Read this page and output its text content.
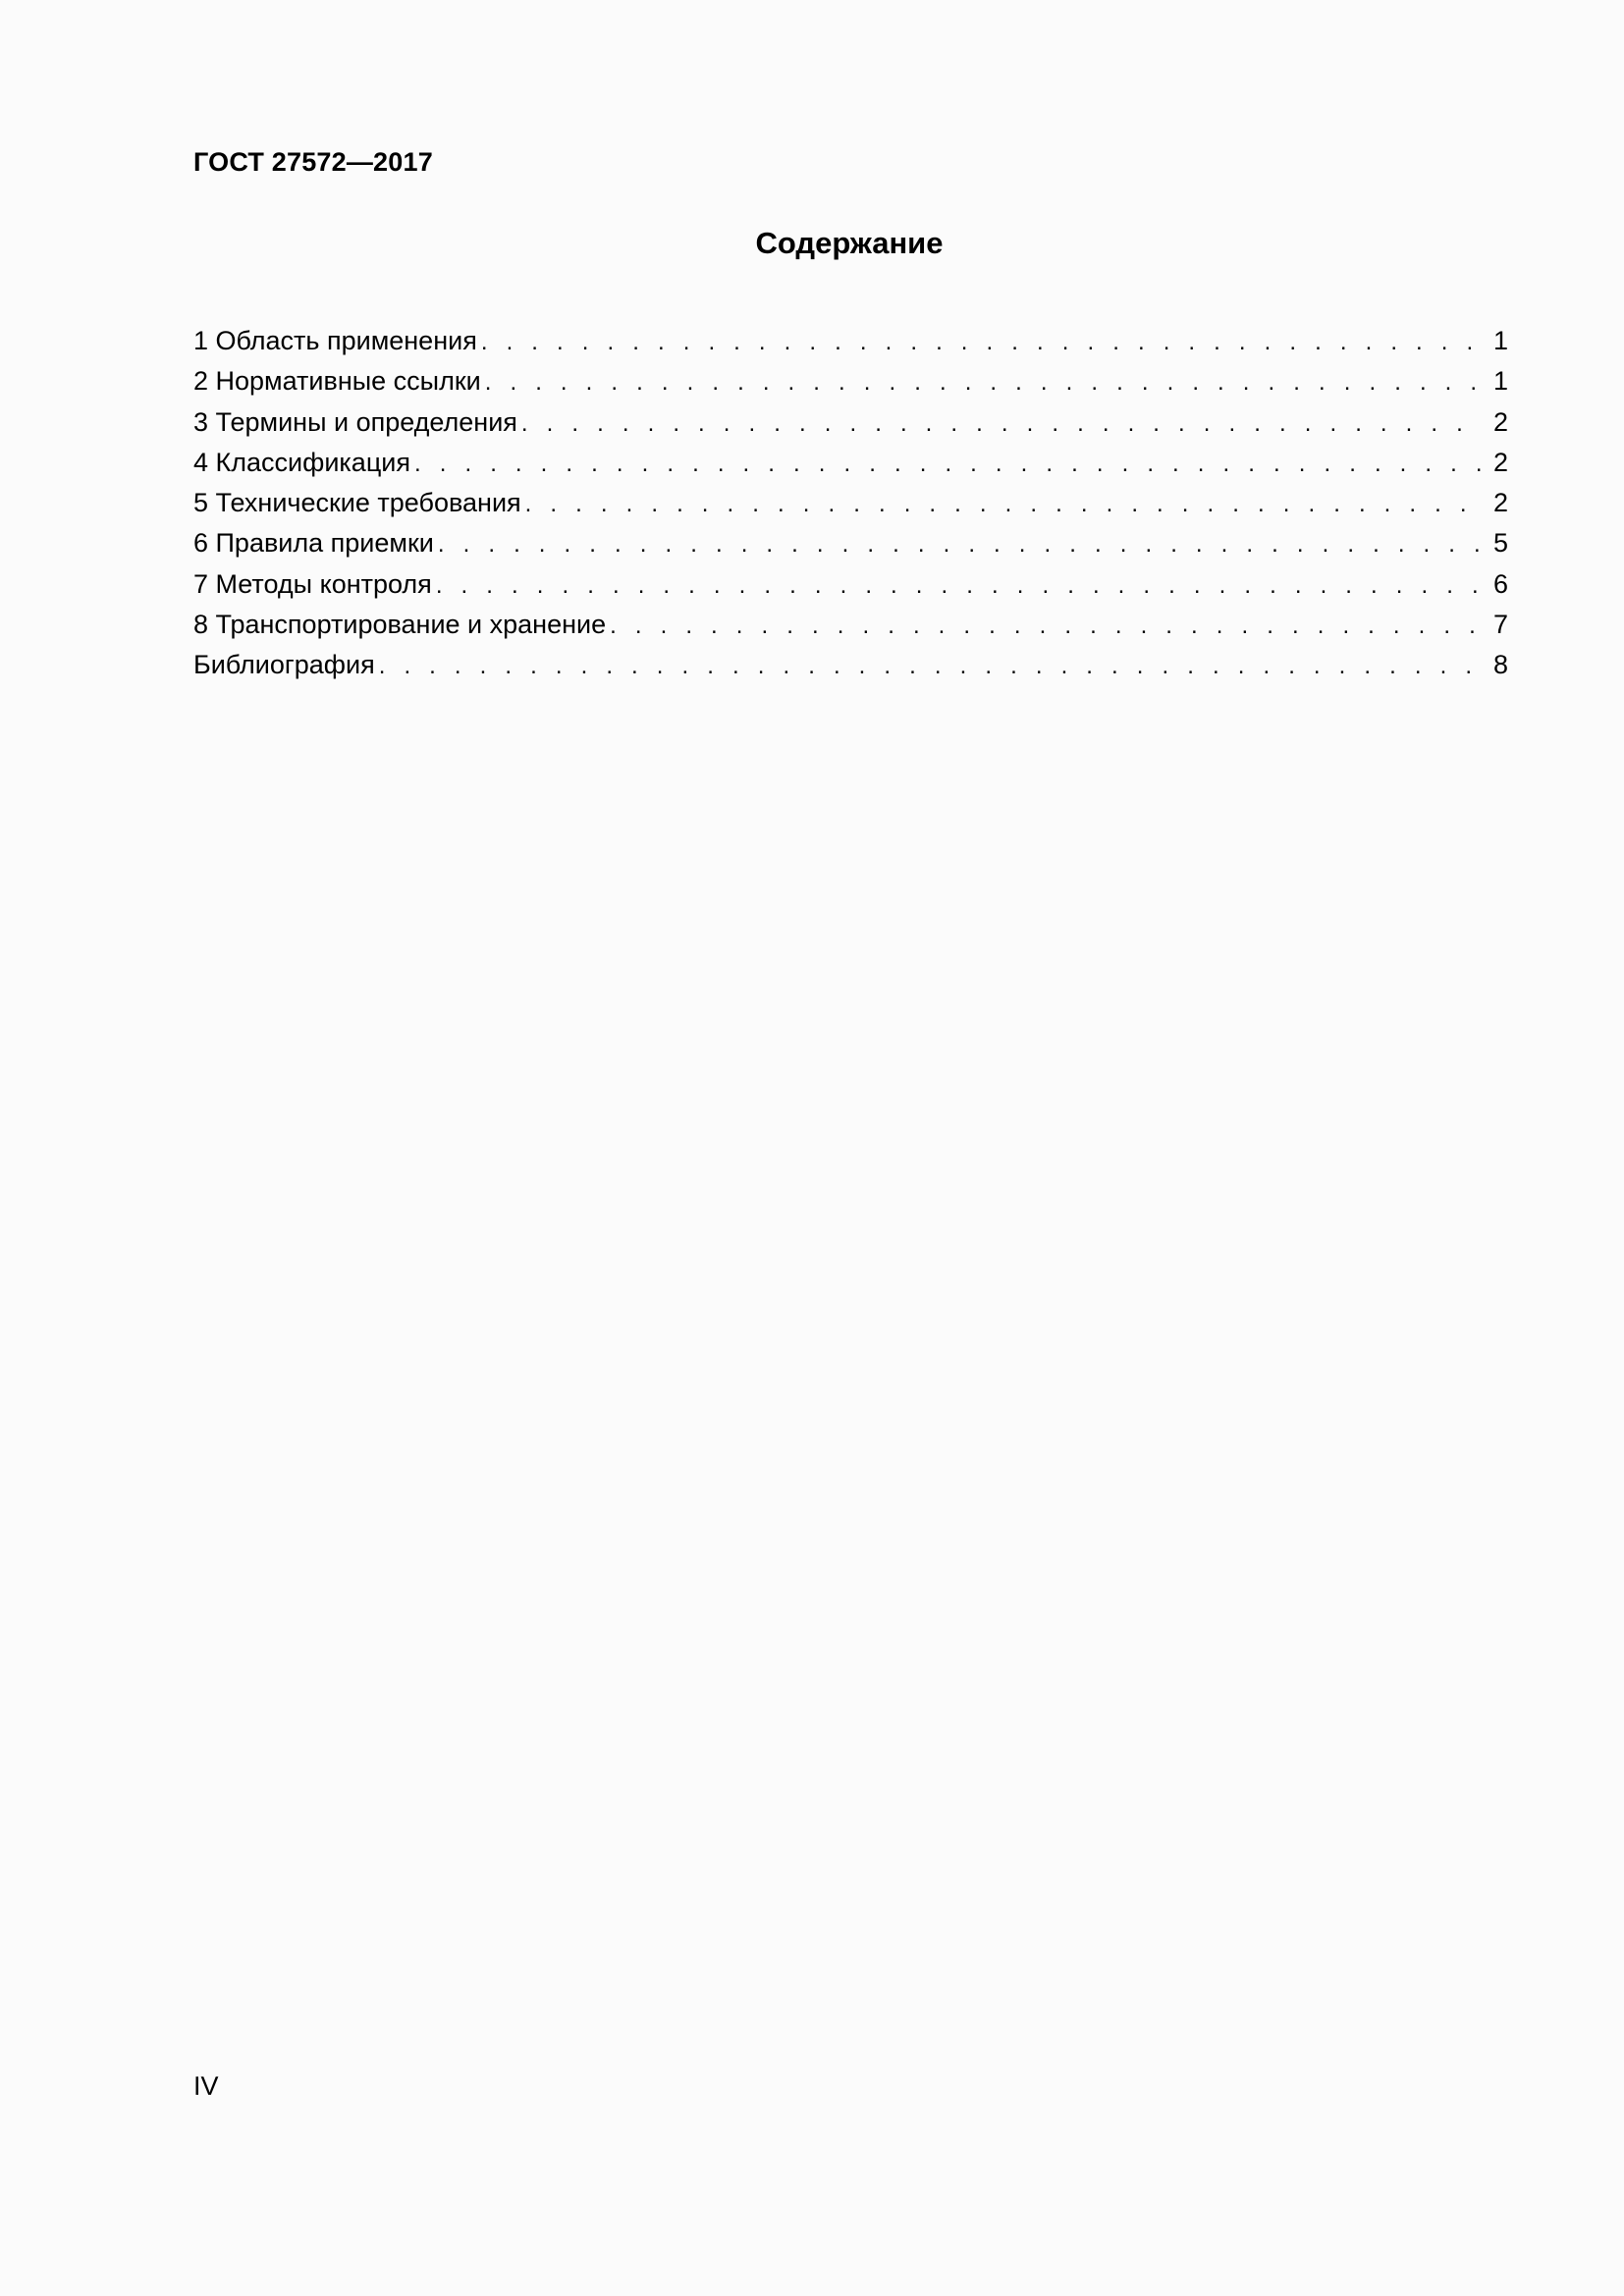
ГОСТ 27572—2017
Содержание
1 Область применения . . .	1
2 Нормативные ссылки . . .	1
3 Термины и определения . . .	2
4 Классификация . . .	2
5 Технические требования . . .	2
6 Правила приемки . . .	5
7 Методы контроля . . .	6
8 Транспортирование и хранение . . .	7
Библиография . . .	8
IV
